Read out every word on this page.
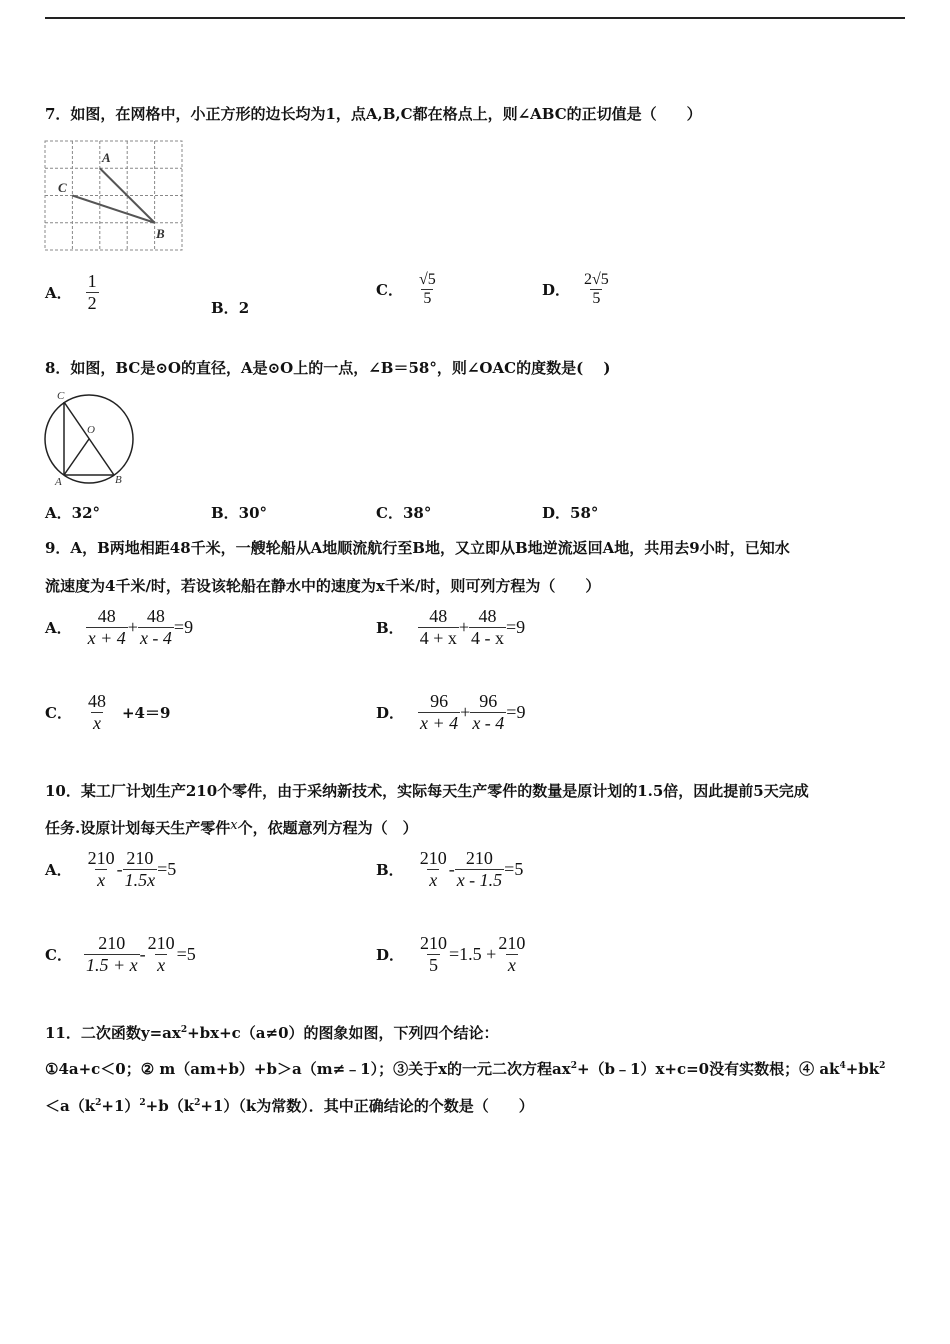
7．如图，在网格中，小正方形的边长均为1，点A,B,C都在格点上，则∠ABC的正切值是（　　）
A
C
B
A． $\frac{1}{2}$	B．2
C． $\frac{√5}{5}$	D． $\frac{2√5}{5}$
8．如图，BC是⊙O的直径，A是⊙O上的一点，∠B＝58°，则∠OAC的度数是(　 )
C
O
A	B
A．32°	B．30°	C．38°	D．58°
9．A，B两地相距48千米，一艘轮船从A地顺流航行至B地，又立即从B地逆流返回A地，共用去9小时，已知水
流速度为4千米/时，若设该轮船在静水中的速度为x千米/时，则可列方程为（　　）
A． $\frac{48}{x + 4} + \frac{48}{x - 4} =9$	B． $\frac{48}{4 + x} + \frac{48}{4 - x} =9$
C． $\frac{48}{x} +4=9$	D． $\frac{96}{x + 4} + \frac{96}{x - 4} =9$
10．某工厂计划生产210个零件，由于采纳新技术，实际每天生产零件的数量是原计划的1.5倍，因此提前5天完成
任务.设原计划每天生产零件x个，依题意列方程为（　）
A． $\frac{210}{x} - \frac{210}{1.5x} =5$	B． $\frac{210}{x} - \frac{210}{x - 1.5} =5$
C． $\frac{210}{1.5 + x} - \frac{210}{x} =5$	D． $\frac{210}{5} =1.5 + \frac{210}{x}$
11．二次函数$y=ax^2+bx+c(a\ne 0)$的图象如图，下列四个结论：
①4a+c＜0；② m（am+b）+b＞a（m≠﹣1）；③关于x的一元二次方程$ax^2+(b﹣1)x+c=0$没有实数根；④ $ak^4+bk^2$
$<a(k^2+1)^2+b(k^2+1)(k$为常数）．其中正确结论的个数是（　　）
